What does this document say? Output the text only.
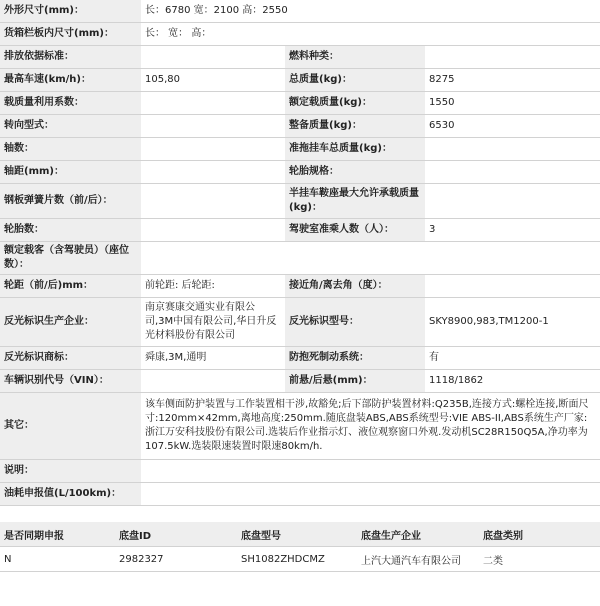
外形尺寸(mm)：	长：6780 宽：2100 高：2550		
货箱栏板内尺寸(mm)：	长： 宽： 高：		
排放依据标准：		燃料种类：	
最高车速(km/h)：	105,80	总质量(kg)：	8275
载质量利用系数：		额定载质量(kg)：	1550
转向型式：		整备质量(kg)：	6530
轴数：		准拖挂车总质量(kg)：	
轴距(mm)：		轮胎规格：	
钢板弹簧片数（前/后）：		半挂车鞍座最大允许承载质量(kg)：	
轮胎数：		驾驶室准乘人数（人）：	3
额定载客（含驾驶员）（座位数）：			
轮距（前/后)mm：	前轮距: 后轮距:	接近角/离去角（度）：	
反光标识生产企业：	南京赛康交通实业有限公司,3M中国有限公司,华日升反光材料股份有限公司	反光标识型号：	SKY8900,983,TM1200-1
反光标识商标：	舜康,3M,通明	防抱死制动系统：	有
车辆识别代号（VIN）：		前悬/后悬(mm)：	1118/1862
其它：	该车侧面防护装置与工作装置相干涉,故豁免;后下部防护装置材料:Q235B,连接方式:螺栓连接,断面尺寸:120mm×42mm,离地高度:250mm.随底盘装ABS,ABS系统型号:VIE ABS-II,ABS系统生产厂家:浙江万安科技股份有限公司.选装后作业指示灯、液位观察窗口外观.发动机SC28R150Q5A,净功率为107.5kW.选装限速装置时限速80km/h.		
说明：			
油耗申报值(L/100km)：			
是否同期申报	底盘ID	底盘型号	底盘生产企业	底盘类别
N	2982327	SH1082ZHDCMZ	上汽大通汽车有限公司	二类
